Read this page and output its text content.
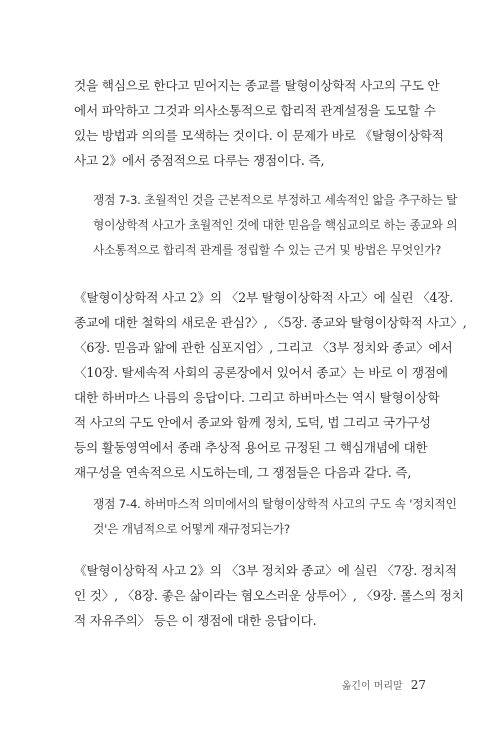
것을 핵심으로 한다고 믿어지는 종교를 탈형이상학적 사고의 구도 안
에서 파악하고 그것과 의사소통적으로 합리적 관계설정을 도모할 수
있는 방법과 의의를 모색하는 것이다. 이 문제가 바로 《탈형이상학적
사고 2》에서 중점적으로 다루는 쟁점이다. 즉,
쟁점 7-3. 초월적인 것을 근본적으로 부정하고 세속적인 앎을 추구하는 탈
형이상학적 사고가 초월적인 것에 대한 믿음을 핵심교의로 하는 종교와 의
사소통적으로 합리적 관계를 정립할 수 있는 근거 및 방법은 무엇인가?
《탈형이상학적 사고 2》의 〈2부 탈형이상학적 사고〉에 실린 〈4장.
종교에 대한 철학의 새로운 관심?〉, 〈5장. 종교와 탈형이상학적 사고〉,
〈6장. 믿음과 앎에 관한 심포지엄〉, 그리고 〈3부 정치와 종교〉에서
〈10장. 탈세속적 사회의 공론장에서 있어서 종교〉는 바로 이 쟁점에
대한 하버마스 나름의 응답이다. 그리고 하버마스는 역시 탈형이상학
적 사고의 구도 안에서 종교와 함께 정치, 도덕, 법 그리고 국가구성
등의 활동영역에서 종래 추상적 용어로 규정된 그 핵심개념에 대한
재구성을 연속적으로 시도하는데, 그 쟁점들은 다음과 같다. 즉,
쟁점 7-4. 하버마스적 의미에서의 탈형이상학적 사고의 구도 속 '정치적인
것'은 개념적으로 어떻게 재규정되는가?
《탈형이상학적 사고 2》의 〈3부 정치와 종교〉에 실린 〈7장. 정치적
인 것〉, 〈8장. 좋은 삶이라는 혐오스러운 상투어〉, 〈9장. 롤스의 정치
적 자유주의〉 등은 이 쟁점에 대한 응답이다.
옮긴이 머리말 27
